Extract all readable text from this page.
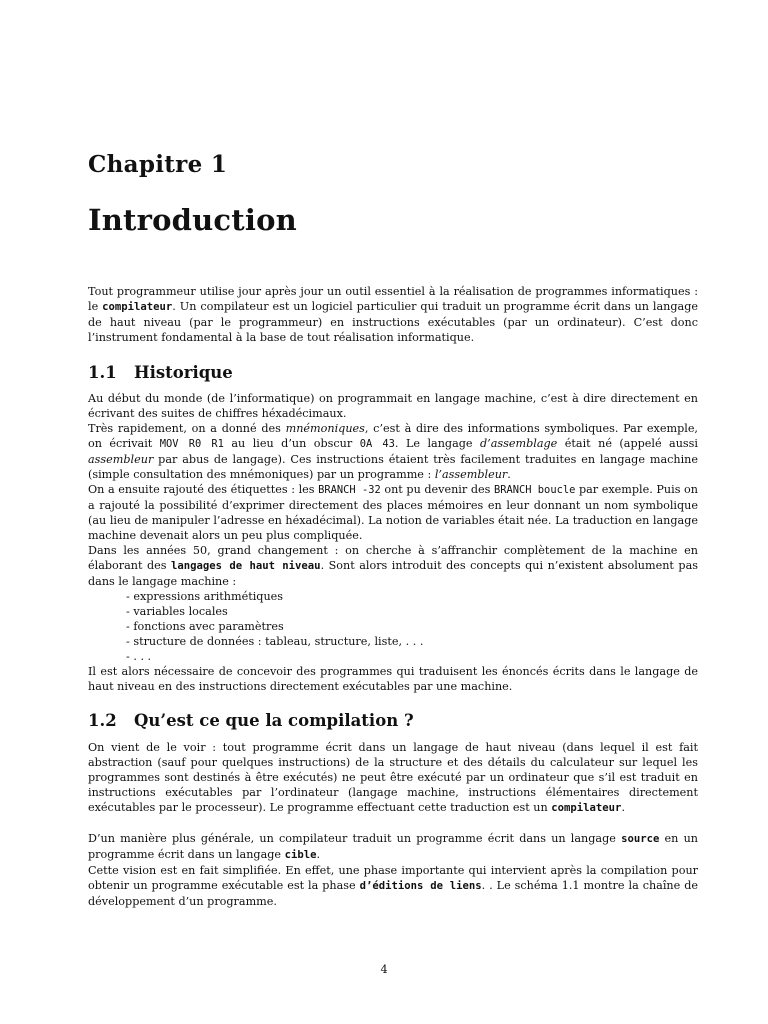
Chapitre 1
Introduction

Tout programmeur utilise jour après jour un outil essentiel à la réalisation de programmes informatiques : le compilateur. Un compilateur est un logiciel particulier qui traduit un programme écrit dans un langage de haut niveau (par le programmeur) en instructions exécutables (par un ordinateur). C’est donc l’instrument fondamental à la base de tout réalisation informatique.

1.1 Historique

Au début du monde (de l’informatique) on programmait en langage machine, c’est à dire directement en écrivant des suites de chiffres héxadécimaux.

Très rapidement, on a donné des mnémoniques, c’est à dire des informations symboliques. Par exemple, on écrivait MOV R0 R1 au lieu d’un obscur 0A 43. Le langage d’assemblage était né (appelé aussi assembleur par abus de langage). Ces instructions étaient très facilement traduites en langage machine (simple consultation des mnémoniques) par un programme : l’assembleur.

On a ensuite rajouté des étiquettes : les BRANCH -32 ont pu devenir des BRANCH boucle par exemple. Puis on a rajouté la possibilité d’exprimer directement des places mémoires en leur donnant un nom symbolique (au lieu de manipuler l’adresse en héxadécimal). La notion de variables était née. La traduction en langage machine devenait alors un peu plus compliquée.

Dans les années 50, grand changement : on cherche à s’affranchir complètement de la machine en élaborant des langages de haut niveau. Sont alors introduit des concepts qui n’existent absolument pas dans le langage machine :

- expressions arithmétiques
- variables locales
- fonctions avec paramètres
- structure de données : tableau, structure, liste, . . .
- . . .

Il est alors nécessaire de concevoir des programmes qui traduisent les énoncés écrits dans le langage de haut niveau en des instructions directement exécutables par une machine.

1.2 Qu’est ce que la compilation ?

On vient de le voir : tout programme écrit dans un langage de haut niveau (dans lequel il est fait abstraction (sauf pour quelques instructions) de la structure et des détails du calculateur sur lequel les programmes sont destinés à être exécutés) ne peut être exécuté par un ordinateur que s’il est traduit en instructions exécutables par l’ordinateur (langage machine, instructions élémentaires directement exécutables par le processeur). Le programme effectuant cette traduction est un compilateur.

D’un manière plus générale, un compilateur traduit un programme écrit dans un langage source en un programme écrit dans un langage cible.

Cette vision est en fait simplifiée. En effet, une phase importante qui intervient après la compilation pour obtenir un programme exécutable est la phase d’éditions de liens. . Le schéma 1.1 montre la chaîne de développement d’un programme.

4
